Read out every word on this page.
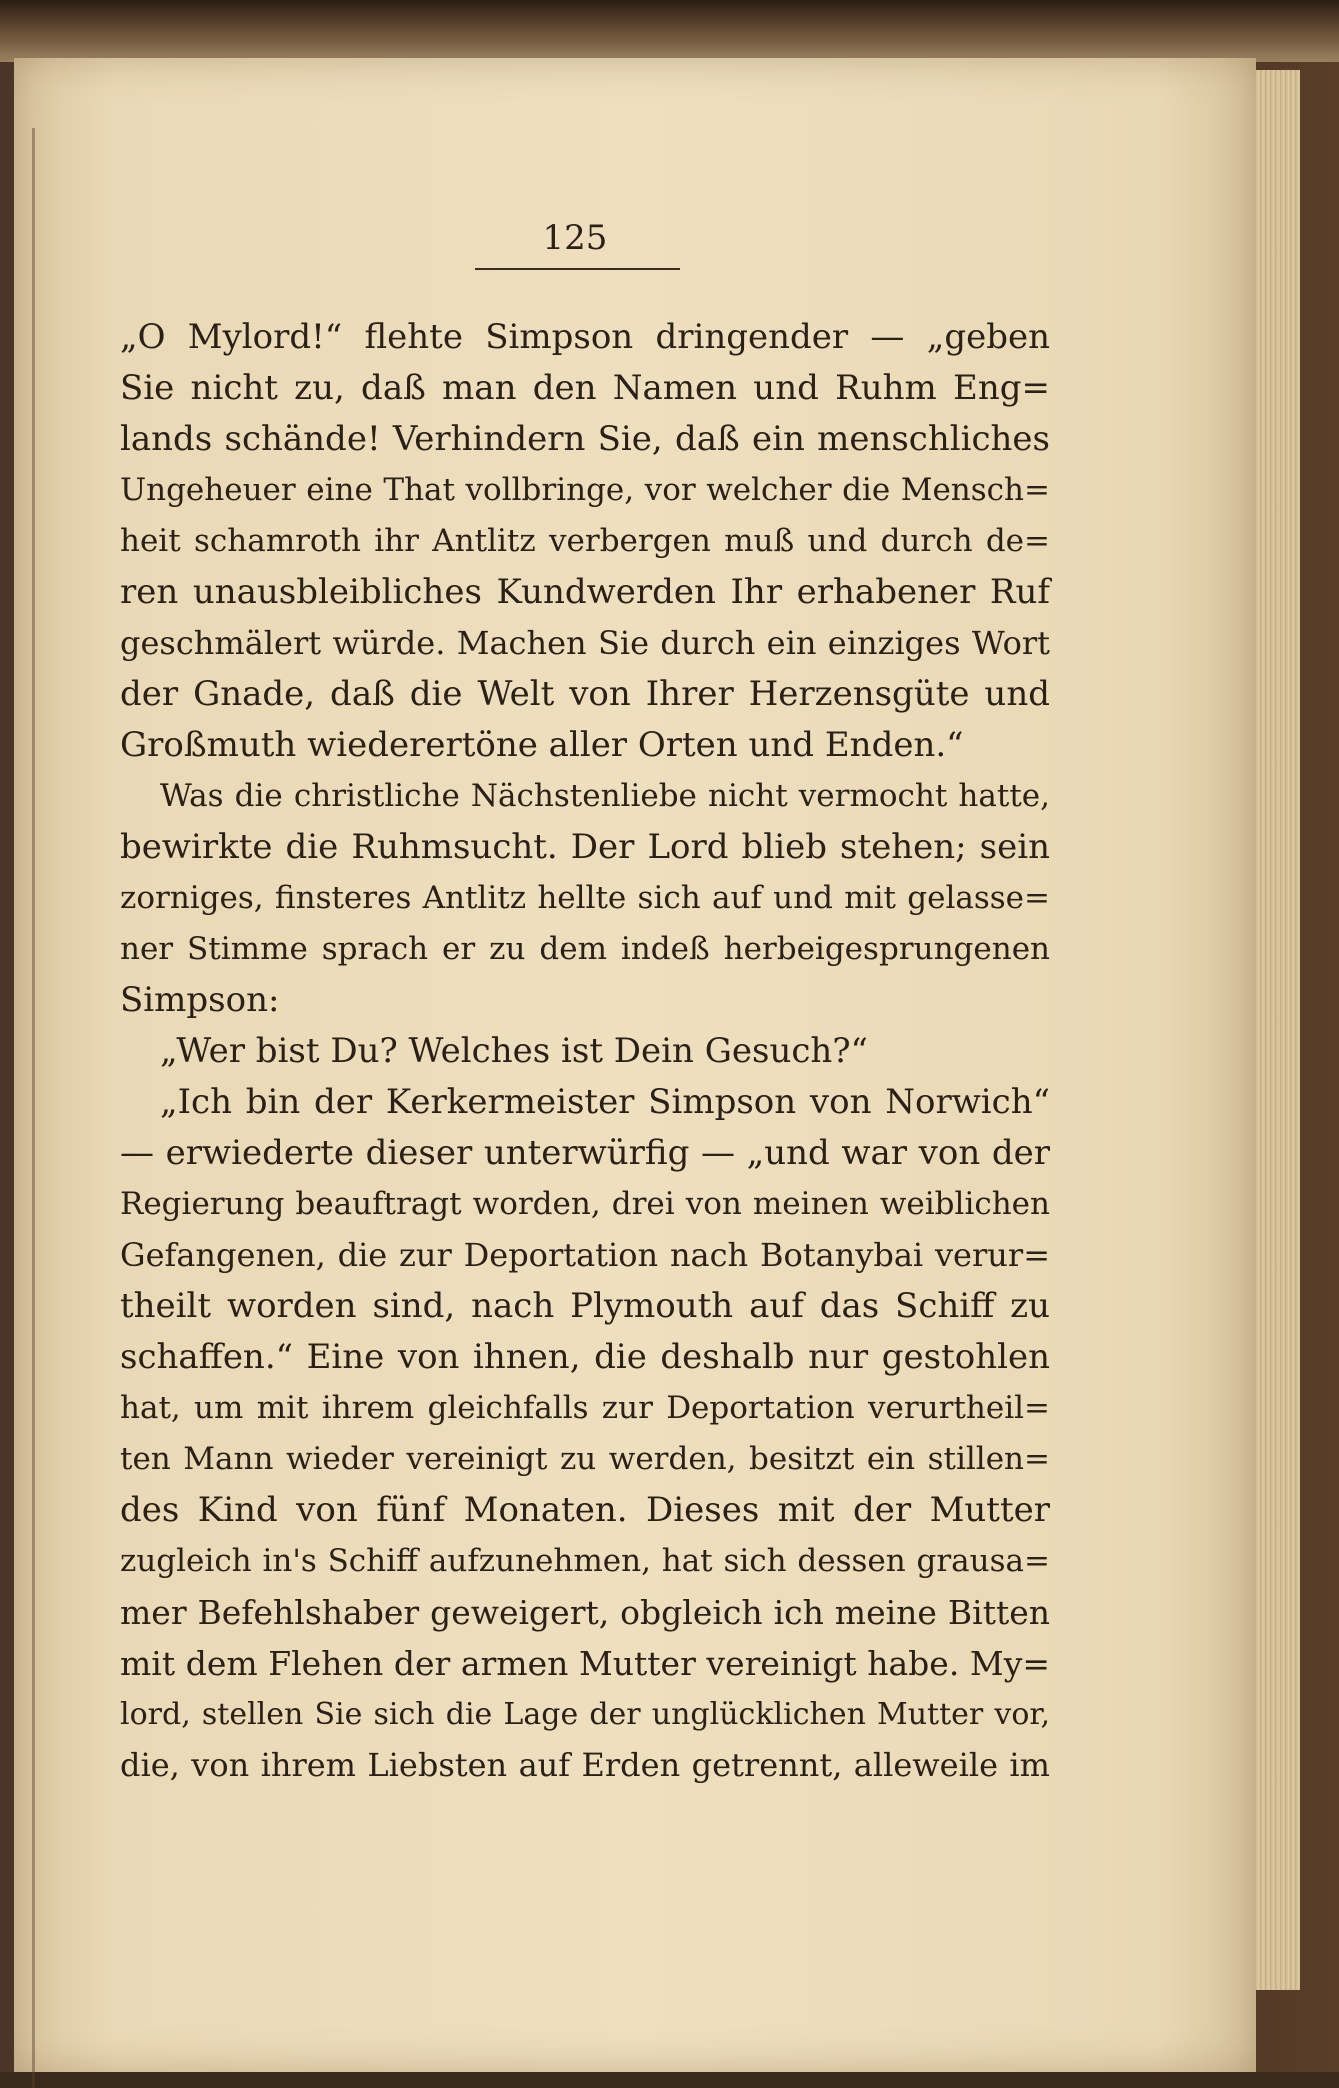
125
„O Mylord!“ flehte Simpson dringender — „geben
Sie nicht zu, daß man den Namen und Ruhm Eng=
lands schände! Verhindern Sie, daß ein menschliches
Ungeheuer eine That vollbringe, vor welcher die Mensch=
heit schamroth ihr Antlitz verbergen muß und durch de=
ren unausbleibliches Kundwerden Ihr erhabener Ruf
geschmälert würde. Machen Sie durch ein einziges Wort
der Gnade, daß die Welt von Ihrer Herzensgüte und
Großmuth wiederertöne aller Orten und Enden.“
Was die christliche Nächstenliebe nicht vermocht hatte,
bewirkte die Ruhmsucht. Der Lord blieb stehen; sein
zorniges, finsteres Antlitz hellte sich auf und mit gelasse=
ner Stimme sprach er zu dem indeß herbeigesprungenen
Simpson:
„Wer bist Du? Welches ist Dein Gesuch?“
„Ich bin der Kerkermeister Simpson von Norwich“
— erwiederte dieser unterwürfig — „und war von der
Regierung beauftragt worden, drei von meinen weiblichen
Gefangenen, die zur Deportation nach Botanybai verur=
theilt worden sind, nach Plymouth auf das Schiff zu
schaffen.“ Eine von ihnen, die deshalb nur gestohlen
hat, um mit ihrem gleichfalls zur Deportation verurtheil=
ten Mann wieder vereinigt zu werden, besitzt ein stillen=
des Kind von fünf Monaten. Dieses mit der Mutter
zugleich in's Schiff aufzunehmen, hat sich dessen grausa=
mer Befehlshaber geweigert, obgleich ich meine Bitten
mit dem Flehen der armen Mutter vereinigt habe. My=
lord, stellen Sie sich die Lage der unglücklichen Mutter vor,
die, von ihrem Liebsten auf Erden getrennt, alleweile im
